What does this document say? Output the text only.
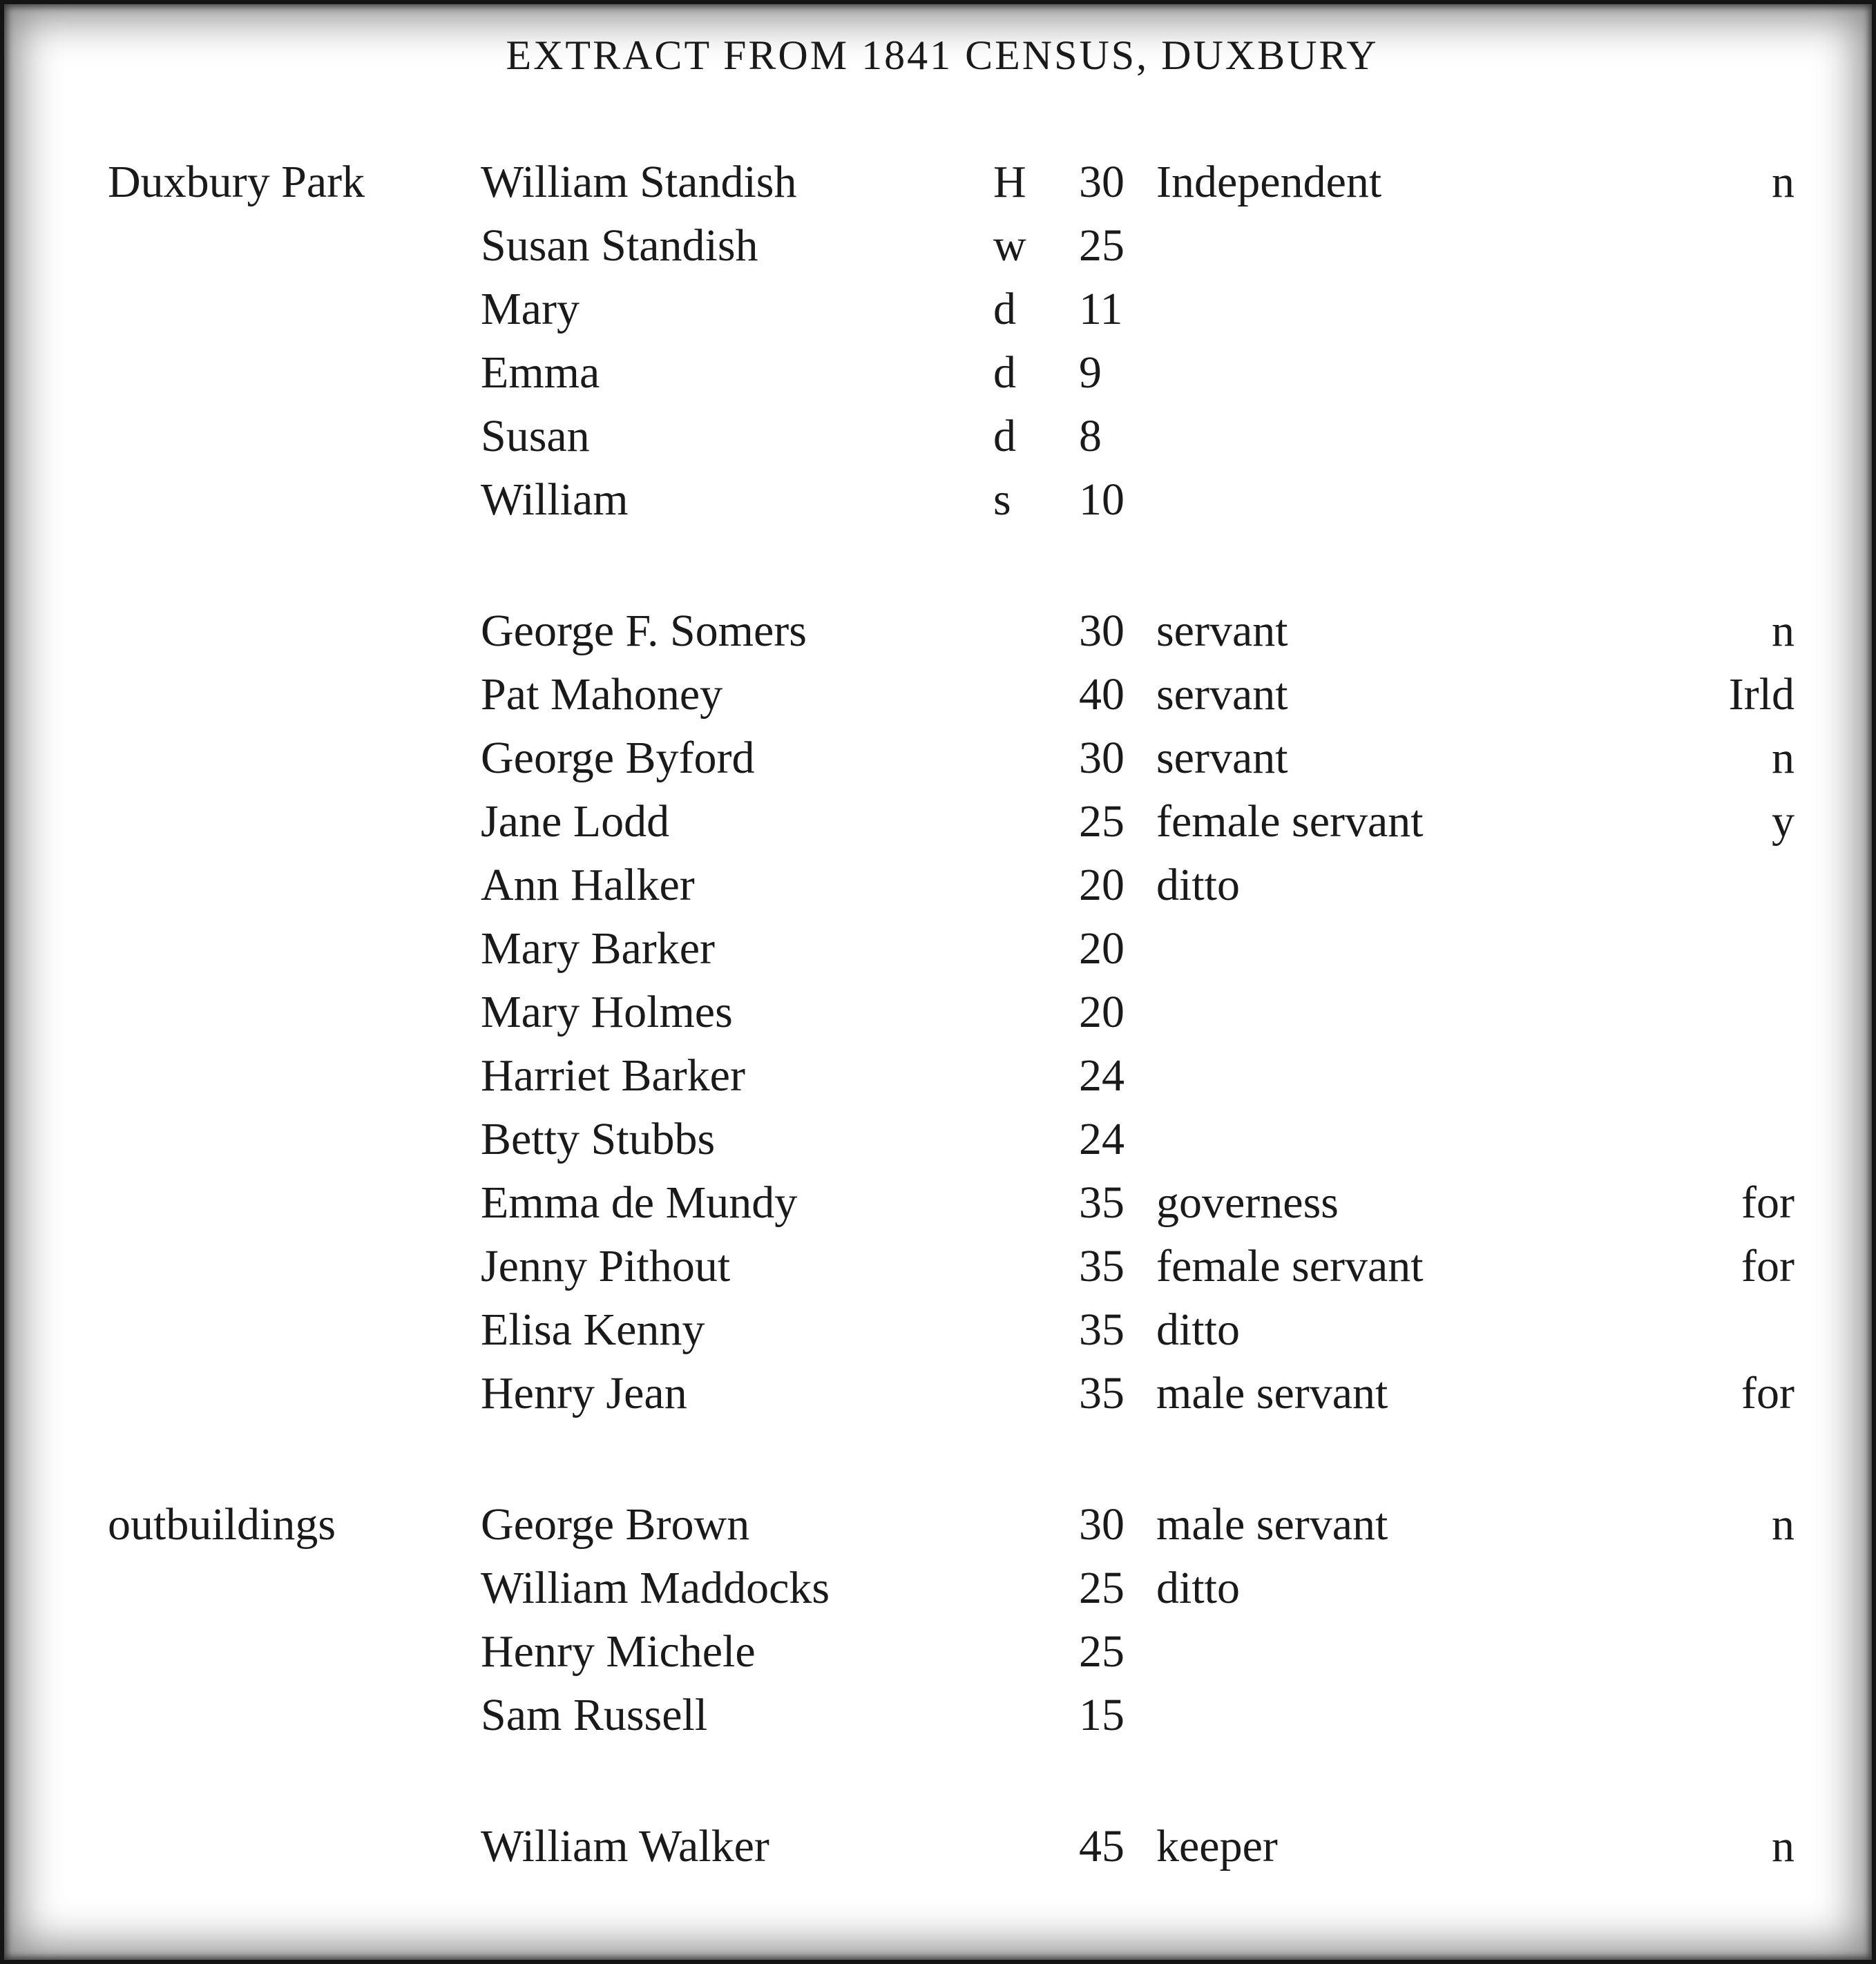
EXTRACT FROM 1841 CENSUS, DUXBURY
Duxbury Park	William Standish	H 30 Independent	n
Susan Standish	w 25
Mary	d 11
Emma	d 9
Susan	d 8
William	s 10
George F. Somers	30 servant	n
Pat Mahoney	40 servant	Irld
George Byford	30 servant	n
Jane Lodd	25 female servant	y
Ann Halker	20 ditto
Mary Barker	20
Mary Holmes	20
Harriet Barker	24
Betty Stubbs	24
Emma de Mundy	35 governess	for
Jenny Pithout	35 female servant	for
Elisa Kenny	35 ditto
Henry Jean	35 male servant	for
outbuildings	George Brown	30 male servant	n
William Maddocks	25 ditto
Henry Michele	25
Sam Russell	15
William Walker	45 keeper	n
